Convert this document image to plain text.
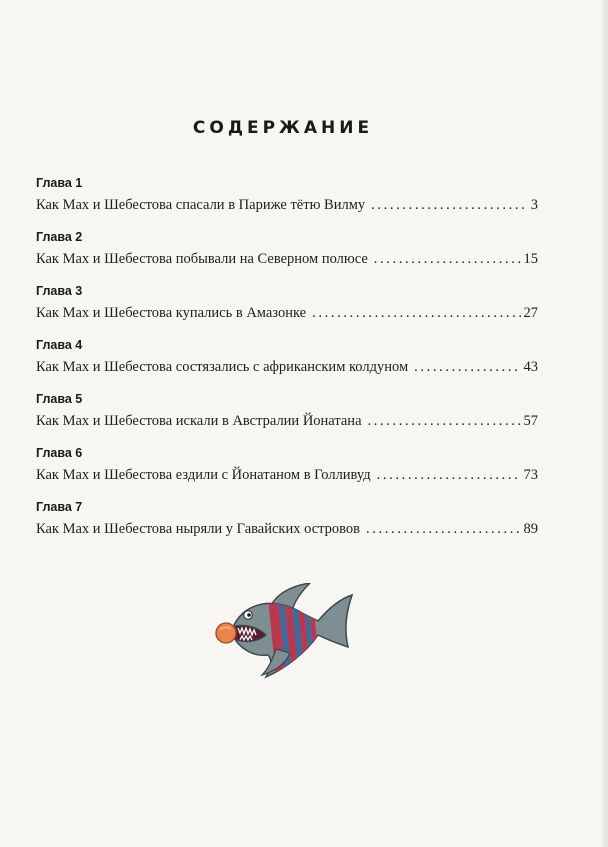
СОДЕРЖАНИЕ
Глава 1
Как Мах и Шебестова спасали в Париже тётю Вилму . . .	3
Глава 2
Как Мах и Шебестова побывали на Северном полюсе . . .	15
Глава 3
Как Мах и Шебестова купались в Амазонке . . .	27
Глава 4
Как Мах и Шебестова состязались с африканским колдуном . . .	43
Глава 5
Как Мах и Шебестова искали в Австралии Йонатана . . .	57
Глава 6
Как Мах и Шебестова ездили с Йонатаном в Голливуд . . .	73
Глава 7
Как Мах и Шебестова ныряли у Гавайских островов . . .	89
